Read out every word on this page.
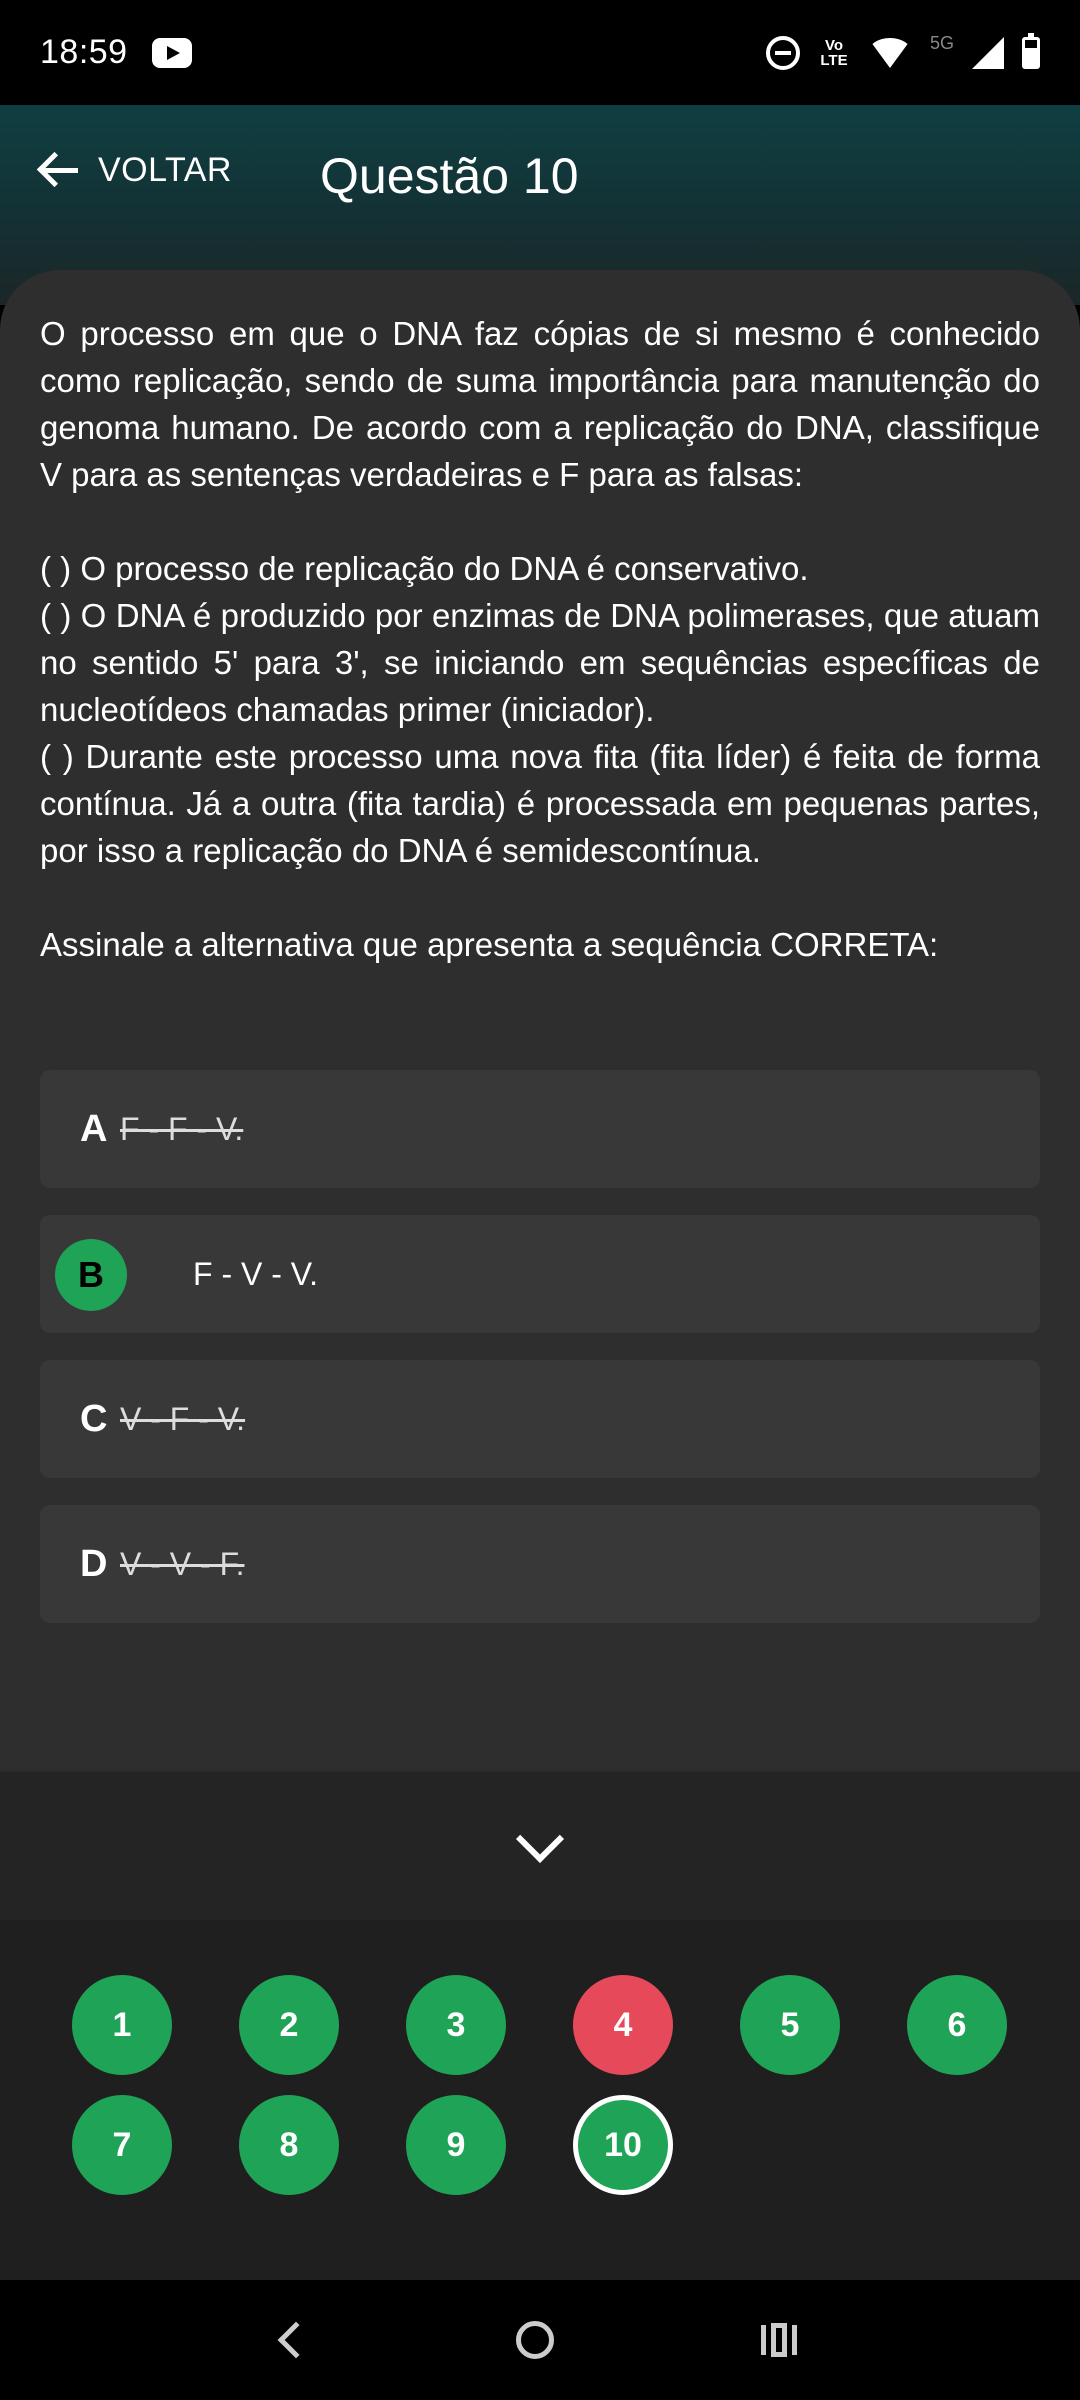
18:59	Vo LTE
5G
VOLTAR Questão 10

O processo em que o DNA faz cópias de si mesmo é conhecido como replicação, sendo de suma importância para manutenção do genoma humano. De acordo com a replicação do DNA, classifique V para as sentenças verdadeiras e F para as falsas:

( ) O processo de replicação do DNA é conservativo.

( ) O DNA é produzido por enzimas de DNA polimerases, que atuam no sentido 5' para 3', se iniciando em sequências específicas de nucleotídeos chamadas primer (iniciador).

( ) Durante este processo uma nova fita (fita líder) é feita de forma contínua. Já a outra (fita tardia) é processada em pequenas partes, por isso a replicação do DNA é semidescontínua.

Assinale a alternativa que apresenta a sequência CORRETA:

A F - F - V.
B	F - V - V.
C V - F - V.
D V - V - F.
1	2	3	4	5	6
7	8	9	10
